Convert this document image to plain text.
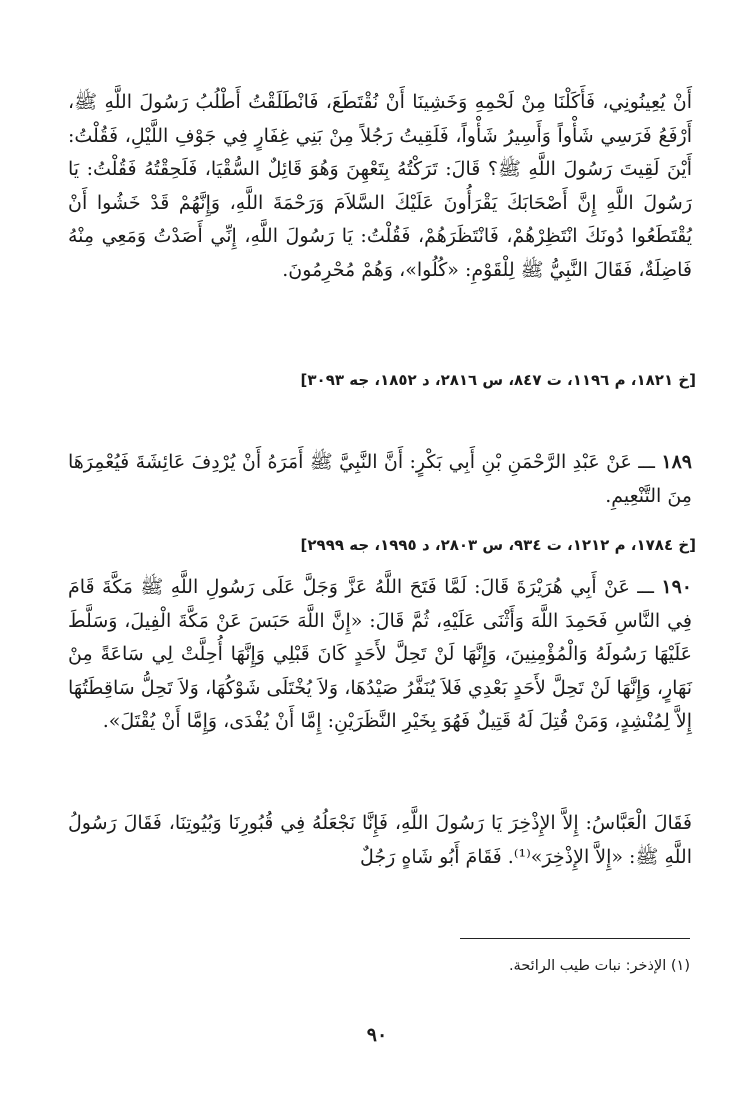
أَنْ يُعِينُونِي، فَأَكَلْنَا مِنْ لَحْمِهِ وَخَشِينَا أَنْ نُقْتَطَعَ، فَانْطَلَقْتُ أَطْلُبُ رَسُولَ اللَّهِ ﷺ، أَرْفَعُ فَرَسِي شَأْواً وَأَسِيرُ شَأْواً، فَلَقِيتُ رَجُلاً مِنْ بَنِي غِفَارٍ فِي جَوْفِ اللَّيْلِ، فَقُلْتُ: أَيْنَ لَقِيتَ رَسُولَ اللَّهِ ﷺ؟ قَالَ: تَرَكْتُهُ بِتَعْهِنَ وَهُوَ قَائِلٌ السُّقْيَا، فَلَحِقْتُهُ فَقُلْتُ: يَا رَسُولَ اللَّهِ إِنَّ أَصْحَابَكَ يَقْرَأُونَ عَلَيْكَ السَّلاَمَ وَرَحْمَةَ اللَّهِ، وَإِنَّهُمْ قَدْ خَشُوا أَنْ يُقْتَطَعُوا دُونَكَ انْتَظِرْهُمْ، فَانْتَظَرَهُمْ، فَقُلْتُ: يَا رَسُولَ اللَّهِ، إِنِّي أَصَدْتُ وَمَعِي مِنْهُ فَاضِلَةٌ، فَقَالَ النَّبِيُّ ﷺ لِلْقَوْمِ: «كُلُوا»، وَهُمْ مُحْرِمُونَ.

[خ ١٨٢١، م ١١٩٦، ت ٨٤٧، س ٢٨١٦، د ١٨٥٢، جه ٣٠٩٣]

١٨٩ ـــ عَنْ عَبْدِ الرَّحْمَنِ بْنِ أَبِي بَكْرٍ: أَنَّ النَّبِيَّ ﷺ أَمَرَهُ أَنْ يُرْدِفَ عَائِشَةَ فَيُعْمِرَهَا مِنَ التَّنْعِيمِ.

[خ ١٧٨٤، م ١٢١٢، ت ٩٣٤، س ٢٨٠٣، د ١٩٩٥، جه ٢٩٩٩]

١٩٠ ـــ عَنْ أَبِي هُرَيْرَةَ قَالَ: لَمَّا فَتَحَ اللَّهُ عَزَّ وَجَلَّ عَلَى رَسُولِ اللَّهِ ﷺ مَكَّةَ قَامَ فِي النَّاسِ فَحَمِدَ اللَّهَ وَأَثْنَى عَلَيْهِ، ثُمَّ قَالَ: «إِنَّ اللَّهَ حَبَسَ عَنْ مَكَّةَ الْفِيلَ، وَسَلَّطَ عَلَيْهَا رَسُولَهُ وَالْمُؤْمِنِينَ، وَإِنَّهَا لَنْ تَحِلَّ لأَحَدٍ كَانَ قَبْلِي وَإِنَّهَا أُحِلَّتْ لِي سَاعَةً مِنْ نَهَارٍ، وَإِنَّهَا لَنْ تَحِلَّ لأَحَدٍ بَعْدِي فَلاَ يُنَفَّرُ صَيْدُهَا، وَلاَ يُخْتَلَى شَوْكُهَا، وَلاَ تَحِلُّ سَاقِطَتُهَا إِلاَّ لِمُنْشِدٍ، وَمَنْ قُتِلَ لَهُ قَتِيلٌ فَهُوَ بِخَيْرِ النَّظَرَيْنِ: إِمَّا أَنْ يُفْدَى، وَإِمَّا أَنْ يُقْتَلَ».

فَقَالَ الْعَبَّاسُ: إِلاَّ الإِذْخِرَ يَا رَسُولَ اللَّهِ، فَإِنَّا نَجْعَلُهُ فِي قُبُورِنَا وَبُيُوتِنَا، فَقَالَ رَسُولُ اللَّهِ ﷺ: «إِلاَّ الإِذْخِرَ»⁽¹⁾. فَقَامَ أَبُو شَاهٍ رَجُلٌ

(١) الإذخر: نبات طيب الرائحة.
٩٠
